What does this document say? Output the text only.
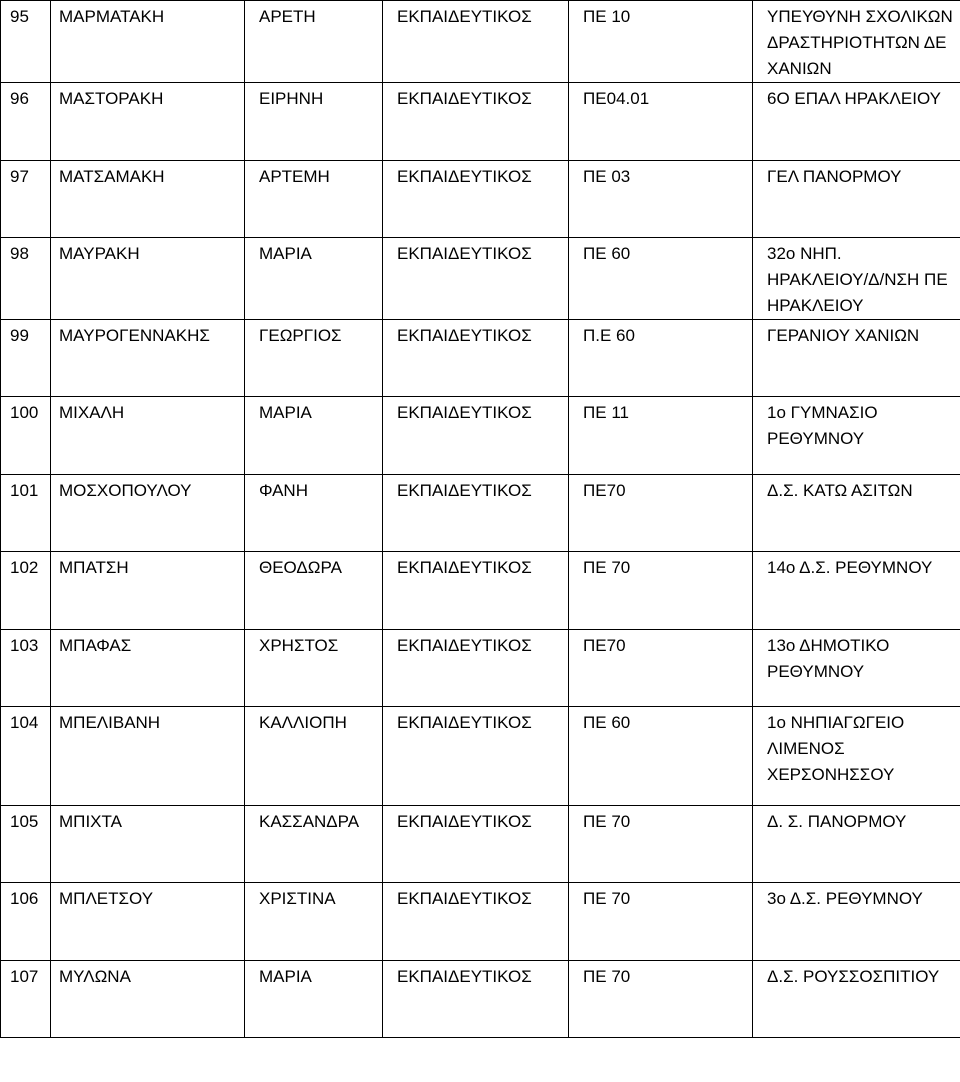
95	ΜΑΡΜΑΤΑΚΗ	ΑΡΕΤΗ	ΕΚΠΑΙΔΕΥΤΙΚΟΣ	ΠΕ 10	ΥΠΕΥΘΥΝΗ ΣΧΟΛΙΚΩΝ
ΔΡΑΣΤΗΡΙΟΤΗΤΩΝ ΔΕ
ΧΑΝΙΩΝ

96	ΜΑΣΤΟΡΑΚΗ	ΕΙΡΗΝΗ	ΕΚΠΑΙΔΕΥΤΙΚΟΣ	ΠΕ04.01	6Ο ΕΠΑΛ ΗΡΑΚΛΕΙΟΥ

97	ΜΑΤΣΑΜΑΚΗ	ΑΡΤΕΜΗ	ΕΚΠΑΙΔΕΥΤΙΚΟΣ	ΠΕ 03	ΓΕΛ ΠΑΝΟΡΜΟΥ

98	ΜΑΥΡΑΚΗ	ΜΑΡΙΑ	ΕΚΠΑΙΔΕΥΤΙΚΟΣ	ΠΕ 60	32ο ΝΗΠ.
ΗΡΑΚΛΕΙΟΥ/Δ/ΝΣΗ ΠΕ
ΗΡΑΚΛΕΙΟΥ

99	ΜΑΥΡΟΓΕΝΝΑΚΗΣ	ΓΕΩΡΓΙΟΣ	ΕΚΠΑΙΔΕΥΤΙΚΟΣ	Π.Ε 60	ΓΕΡΑΝΙΟΥ ΧΑΝΙΩΝ

100	ΜΙΧΑΛΗ	ΜΑΡΙΑ	ΕΚΠΑΙΔΕΥΤΙΚΟΣ	ΠΕ 11	1ο ΓΥΜΝΑΣΙΟ
ΡΕΘΥΜΝΟΥ

101	ΜΟΣΧΟΠΟΥΛΟΥ	ΦΑΝΗ	ΕΚΠΑΙΔΕΥΤΙΚΟΣ	ΠΕ70	Δ.Σ. ΚΑΤΩ ΑΣΙΤΩΝ

102	ΜΠΑΤΣΗ	ΘΕΟΔΩΡΑ	ΕΚΠΑΙΔΕΥΤΙΚΟΣ	ΠΕ 70	14ο Δ.Σ. ΡΕΘΥΜΝΟΥ

103	ΜΠΑΦΑΣ	ΧΡΗΣΤΟΣ	ΕΚΠΑΙΔΕΥΤΙΚΟΣ	ΠΕ70	13ο ΔΗΜΟΤΙΚΟ
ΡΕΘΥΜΝΟΥ

104	ΜΠΕΛΙΒΑΝΗ	ΚΑΛΛΙΟΠΗ	ΕΚΠΑΙΔΕΥΤΙΚΟΣ	ΠΕ 60	1ο ΝΗΠΙΑΓΩΓΕΙΟ
ΛΙΜΕΝΟΣ
ΧΕΡΣΟΝΗΣΣΟΥ

105	ΜΠΙΧΤΑ	ΚΑΣΣΑΝΔΡΑ	ΕΚΠΑΙΔΕΥΤΙΚΟΣ	ΠΕ 70	Δ. Σ. ΠΑΝΟΡΜΟΥ

106	ΜΠΛΕΤΣΟΥ	ΧΡΙΣΤΙΝΑ	ΕΚΠΑΙΔΕΥΤΙΚΟΣ	ΠΕ 70	3ο Δ.Σ. ΡΕΘΥΜΝΟΥ

107	ΜΥΛΩΝΑ	ΜΑΡΙΑ	ΕΚΠΑΙΔΕΥΤΙΚΟΣ	ΠΕ 70	Δ.Σ. ΡΟΥΣΣΟΣΠΙΤΙΟΥ
